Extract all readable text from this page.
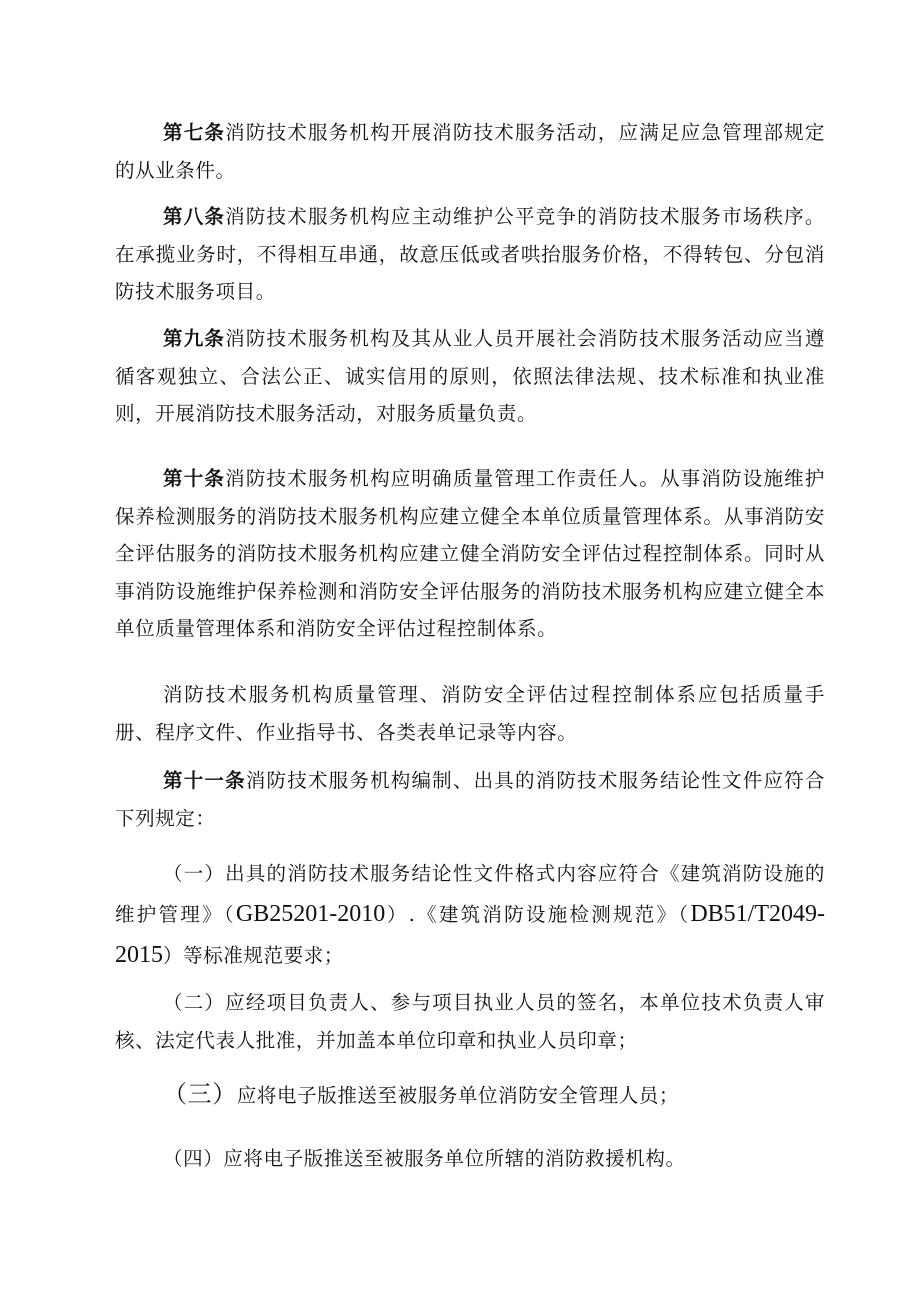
第七条消防技术服务机构开展消防技术服务活动，应满足应急管理部规定的从业条件。

第八条消防技术服务机构应主动维护公平竞争的消防技术服务市场秩序。在承揽业务时，不得相互串通，故意压低或者哄抬服务价格，不得转包、分包消防技术服务项目。

第九条消防技术服务机构及其从业人员开展社会消防技术服务活动应当遵循客观独立、合法公正、诚实信用的原则，依照法律法规、技术标准和执业准则，开展消防技术服务活动，对服务质量负责。

第十条消防技术服务机构应明确质量管理工作责任人。从事消防设施维护保养检测服务的消防技术服务机构应建立健全本单位质量管理体系。从事消防安全评估服务的消防技术服务机构应建立健全消防安全评估过程控制体系。同时从事消防设施维护保养检测和消防安全评估服务的消防技术服务机构应建立健全本单位质量管理体系和消防安全评估过程控制体系。

消防技术服务机构质量管理、消防安全评估过程控制体系应包括质量手册、程序文件、作业指导书、各类表单记录等内容。

第十一条消防技术服务机构编制、出具的消防技术服务结论性文件应符合下列规定：

（一）出具的消防技术服务结论性文件格式内容应符合《建筑消防设施的维护管理》（GB25201-2010）.《建筑消防设施检测规范》（DB51/T2049-2015）等标准规范要求；

（二）应经项目负责人、参与项目执业人员的签名，本单位技术负责人审核、法定代表人批准，并加盖本单位印章和执业人员印章；

（三）应将电子版推送至被服务单位消防安全管理人员；

（四）应将电子版推送至被服务单位所辖的消防救援机构。
